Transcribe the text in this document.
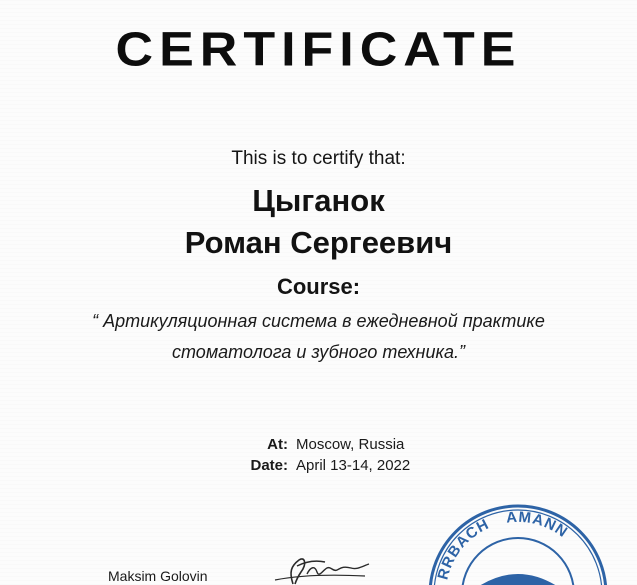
CERTIFICATE
This is to certify that:
Цыганок
Роман Сергеевич
Course:
“ Артикуляционная система в ежедневной практике
стоматолога и зубного техника.”
At: Moscow, Russia
Date: April 13-14, 2022
Maksim Golovin	RRBACH AMANN
